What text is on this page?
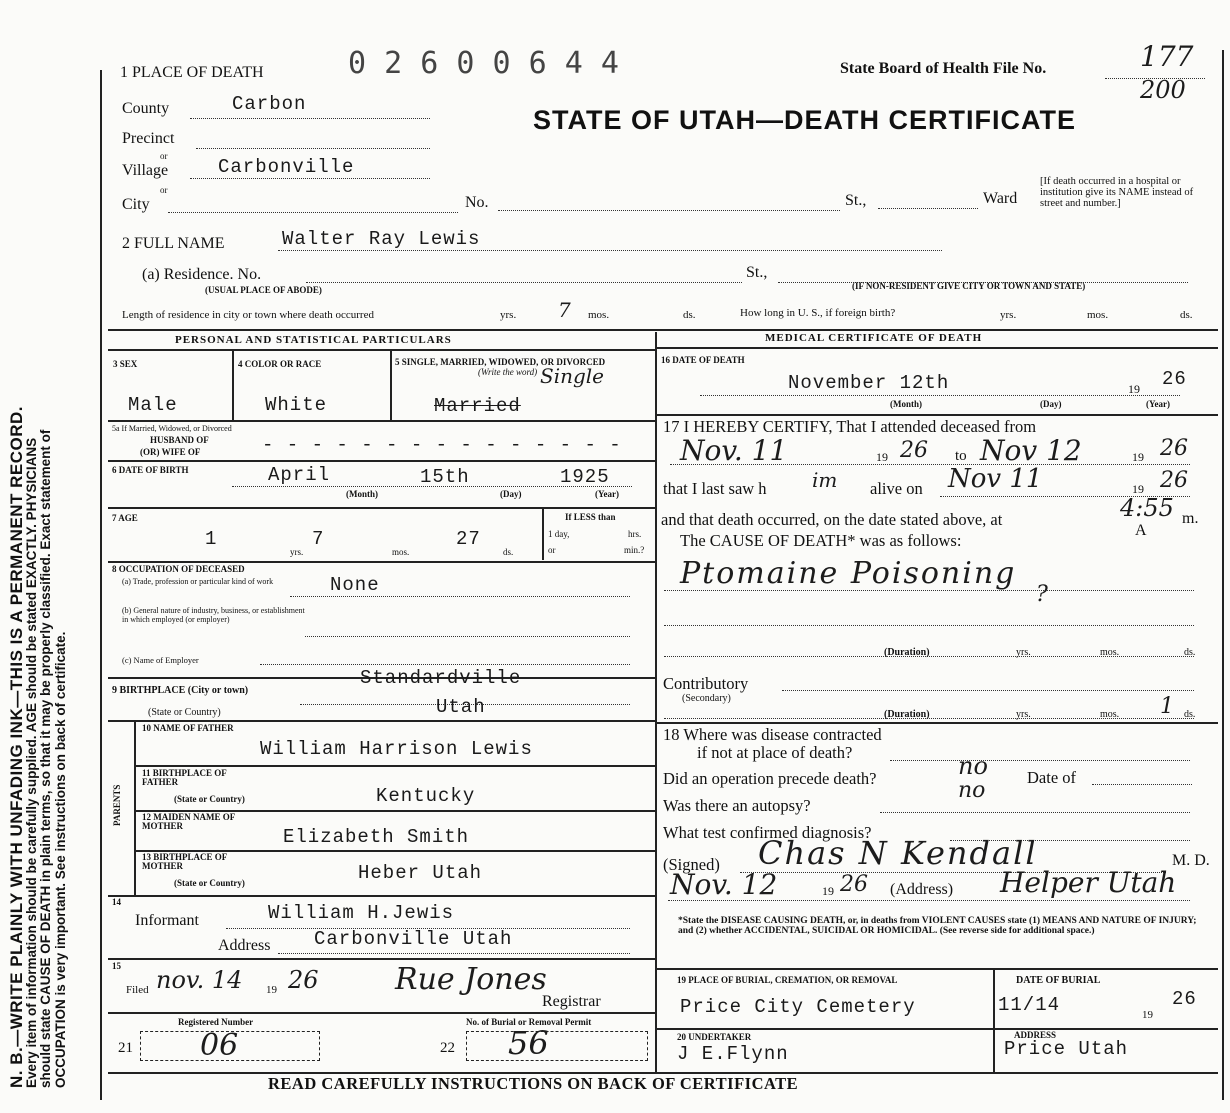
N. B.—WRITE PLAINLY WITH UNFADING INK—THIS IS A PERMANENT RECORD.
Every item of information should be carefully supplied. AGE should be stated EXACTLY. PHYSICIANS should state CAUSE OF DEATH in plain terms, so that it may be properly classified. Exact statement of OCCUPATION is very important. See instructions on back of certificate.
1 PLACE OF DEATH	0 2 6 0 0 6 4 4	State Board of Health File No.	177
200
STATE OF UTAH—DEATH CERTIFICATE
County	Carbon
Precinct
or
Village	Carbonville
or
City	No.	St.,	Ward
[If death occurred in a hospital or institution give its NAME instead of street and number.]
2 FULL NAME	Walter Ray Lewis
(a) Residence. No.
(USUAL PLACE OF ABODE)
St.,
(IF NON-RESIDENT GIVE CITY OR TOWN AND STATE)
Length of residence in city or town where death occurred	yrs. 7 mos.	ds.	How long in U. S., if foreign birth?	yrs.	mos.	ds.
PERSONAL AND STATISTICAL PARTICULARS	MEDICAL CERTIFICATE OF DEATH
3 SEX
Male
4 COLOR OR RACE
White
5 SINGLE, MARRIED, WIDOWED, OR DIVORCED
(Write the word)
Married
Single
5a If Married, Widowed, or Divorced
HUSBAND OF
(OR) WIFE OF	- - - - - - - - - - - - - - -
6 DATE OF BIRTH	April	15th	1925
(Month)	(Day)	(Year)
7 AGE
1
yrs.
7
mos.
27
ds.
If LESS than
1 day,	hrs.
or	min.?
8 OCCUPATION OF DECEASED
(a) Trade, profession or particular kind of work	None
(b) General nature of industry, business, or establishment in which employed (or employer)
(c) Name of Employer
9 BIRTHPLACE (City or town)
Standardville
(State or Country)	Utah
PARENTS
10 NAME OF FATHER
William Harrison Lewis
11 BIRTHPLACE OF FATHER
(State or Country)	Kentucky
12 MAIDEN NAME OF MOTHER	Elizabeth Smith
13 BIRTHPLACE OF MOTHER
(State or Country)	Heber Utah
14
Informant	William H.Jewis
Address Carbonville Utah
15
Filed nov. 14 19 26	Rue Jones
Registrar
Registered Number	No. of Burial or Removal Permit
21 06	22 56
16 DATE OF DEATH
November 12th	19 26
(Month)	(Day)	(Year)
17 I HEREBY CERTIFY, That I attended deceased from
Nov. 11	19 26 to Nov 12	19 26
that I last saw h im alive on Nov 11	19 26
and that death occurred, on the date stated above, at	4:55 m.
A
The CAUSE OF DEATH* was as follows:
Ptomaine Poisoning
?
(Duration)	yrs.	mos.	ds.
Contributory
(Secondary)
(Duration)	yrs.	mos. 1 ds.
18 Where was disease contracted
if not at place of death?
Did an operation precede death?	no Date of
Was there an autopsy?
no
What test confirmed diagnosis?
(Signed) Chas N Kendall	M. D.
Nov. 12	19 26 (Address) Helper Utah
*State the DISEASE CAUSING DEATH, or, in deaths from VIOLENT CAUSES state (1) MEANS AND NATURE OF INJURY; and (2) whether ACCIDENTAL, SUICIDAL OR HOMICIDAL. (See reverse side for additional space.)
19 PLACE OF BURIAL, CREMATION, OR REMOVAL
Price City Cemetery
DATE OF BURIAL
11/14	19
26
20 UNDERTAKER
J E.Flynn
ADDRESS
Price Utah
READ CAREFULLY INSTRUCTIONS ON BACK OF CERTIFICATE
